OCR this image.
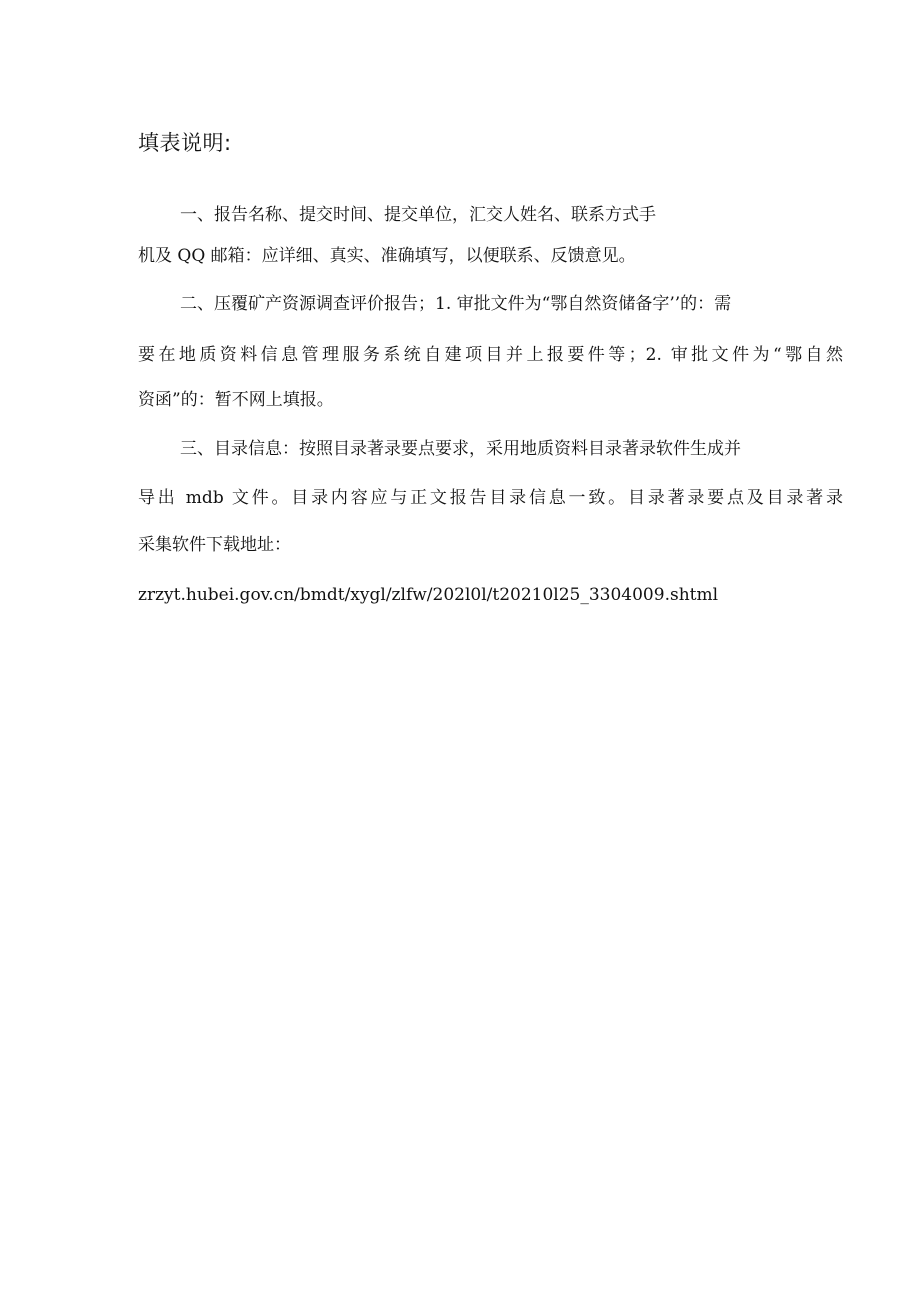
填表说明:

一、报告名称、提交时间、提交单位，汇交人姓名、联系方式手

机及 QQ 邮箱：应详细、真实、准确填写，以便联系、反馈意见。

二、压覆矿产资源调查评价报告；1. 审批文件为“鄂自然资储备字’’的：需

要在地质资料信息管理服务系统自建项目并上报要件等；2. 审批文件为“鄂自然

资函”的：暂不网上填报。

三、目录信息：按照目录著录要点要求，采用地质资料目录著录软件生成并

导出 mdb 文件。目录内容应与正文报告目录信息一致。目录著录要点及目录著录

采集软件下载地址：

zrzyt.hubei.gov.cn/bmdt/xygl/zlfw/202l0l/t20210l25_3304009.shtml
